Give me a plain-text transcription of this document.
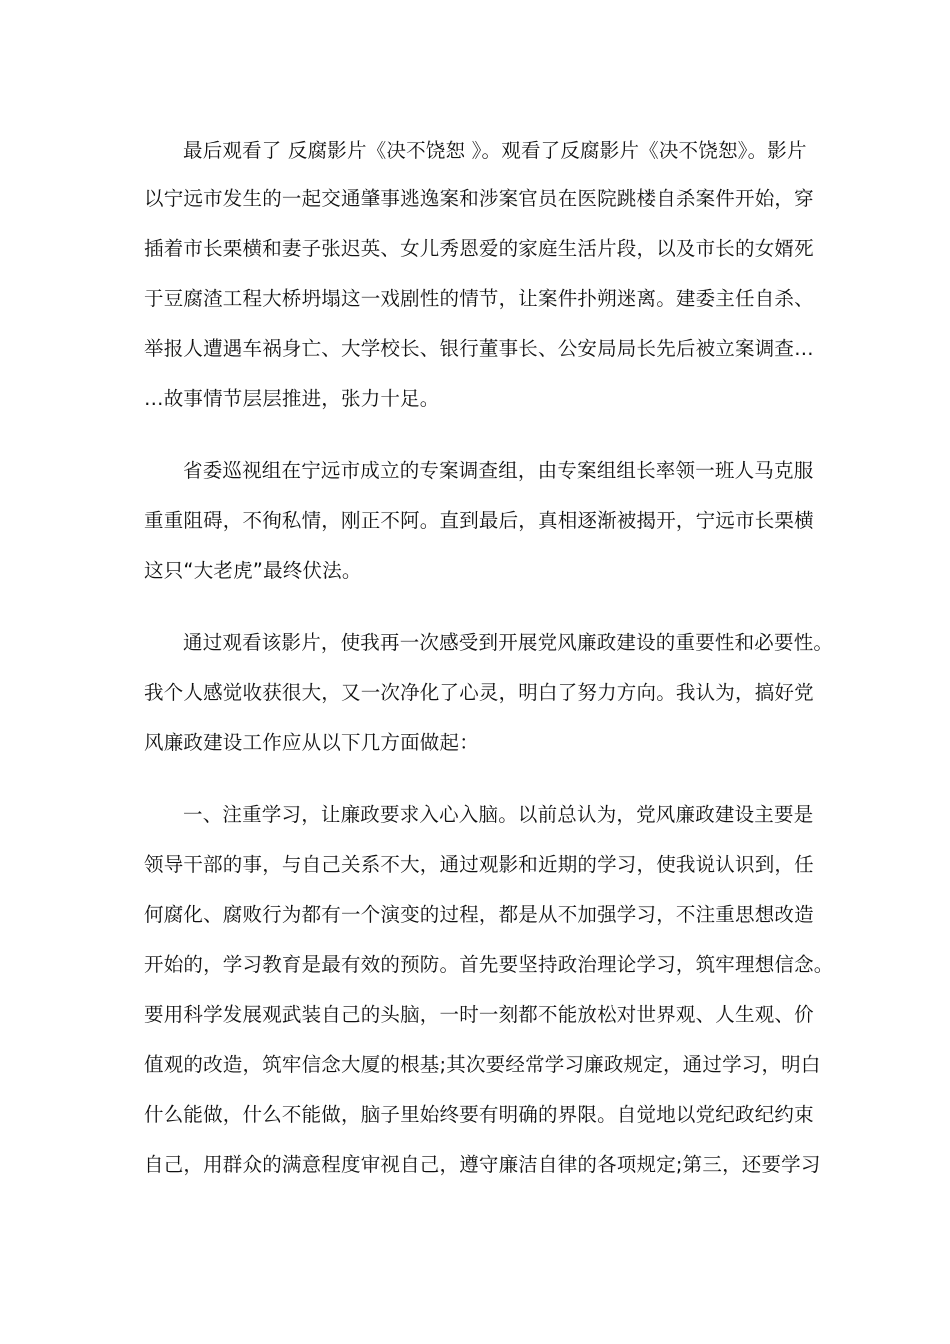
最后观看了 反腐影片《决不饶恕 》。观看了反腐影片《决不饶恕》。影片
以宁远市发生的一起交通肇事逃逸案和涉案官员在医院跳楼自杀案件开始，穿
插着市长栗横和妻子张迟英、女儿秀恩爱的家庭生活片段，以及市长的女婿死
于豆腐渣工程大桥坍塌这一戏剧性的情节，让案件扑朔迷离。建委主任自杀、
举报人遭遇车祸身亡、大学校长、银行董事长、公安局局长先后被立案调查…
…故事情节层层推进，张力十足。
省委巡视组在宁远市成立的专案调查组，由专案组组长率领一班人马克服
重重阻碍，不徇私情，刚正不阿。直到最后，真相逐渐被揭开，宁远市长栗横
这只“大老虎”最终伏法。
通过观看该影片，使我再一次感受到开展党风廉政建设的重要性和必要性。
我个人感觉收获很大，又一次净化了心灵，明白了努力方向。我认为，搞好党
风廉政建设工作应从以下几方面做起：
一、注重学习，让廉政要求入心入脑。以前总认为，党风廉政建设主要是
领导干部的事，与自己关系不大，通过观影和近期的学习，使我说认识到，任
何腐化、腐败行为都有一个演变的过程，都是从不加强学习，不注重思想改造
开始的，学习教育是最有效的预防。首先要坚持政治理论学习，筑牢理想信念。
要用科学发展观武装自己的头脑，一时一刻都不能放松对世界观、人生观、价
值观的改造，筑牢信念大厦的根基;其次要经常学习廉政规定，通过学习，明白
什么能做，什么不能做，脑子里始终要有明确的界限。自觉地以党纪政纪约束
自己，用群众的满意程度审视自己，遵守廉洁自律的各项规定;第三，还要学习
